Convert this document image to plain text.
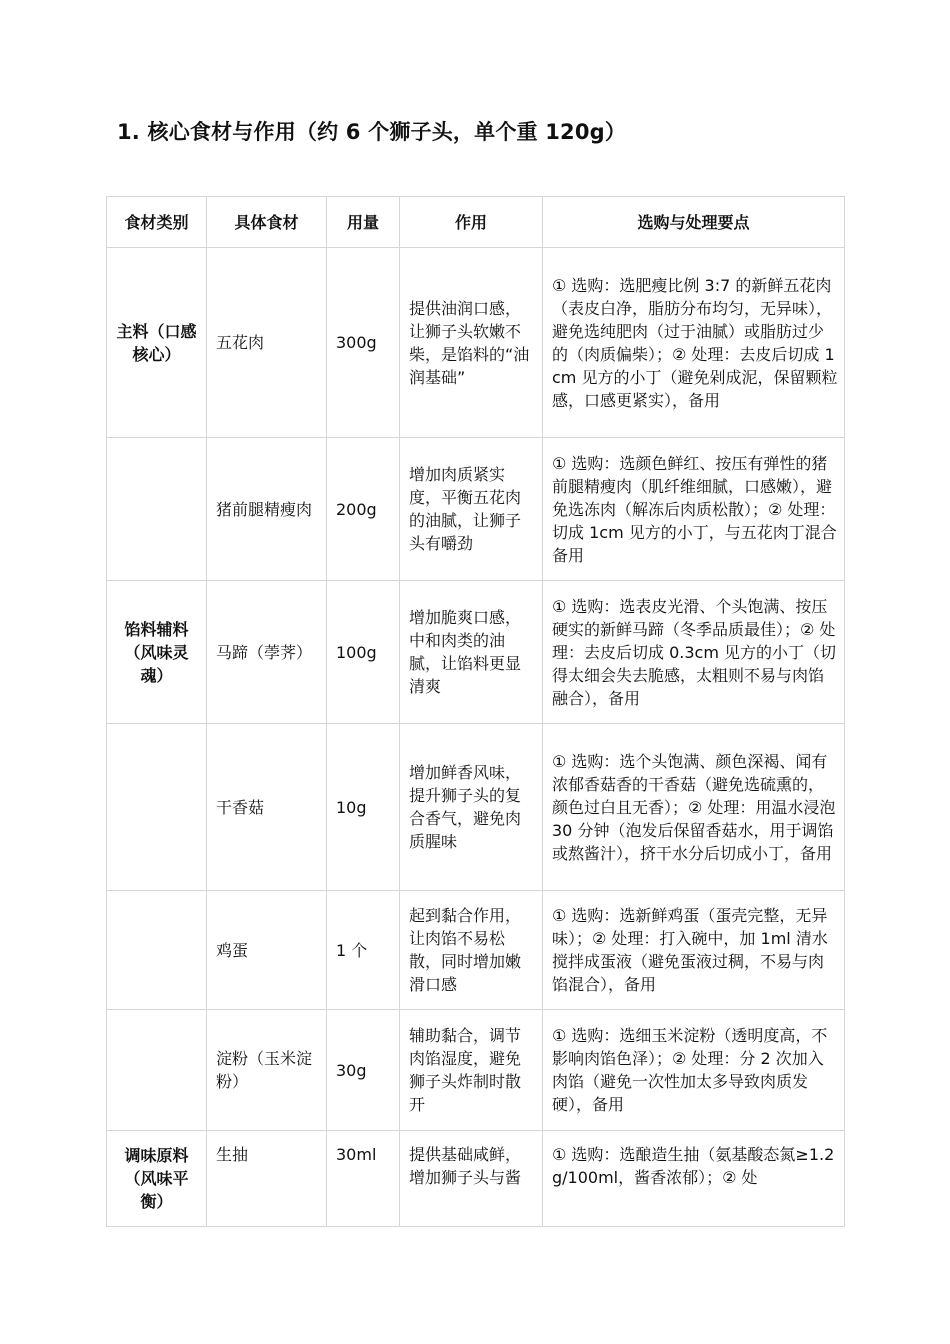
1. 核心食材与作用（约 6 个狮子头，单个重 120g）
食材类别	具体食材	用量	作用	选购与处理要点
主料（口感核心）	五花肉	300g	提供油润口感，让狮子头软嫩不柴，是馅料的“油润基础”	① 选购：选肥瘦比例 3:7 的新鲜五花肉（表皮白净，脂肪分布均匀，无异味），避免选纯肥肉（过于油腻）或脂肪过少的（肉质偏柴）；② 处理：去皮后切成 1cm 见方的小丁（避免剁成泥，保留颗粒感，口感更紧实），备用
	猪前腿精瘦肉	200g	增加肉质紧实度，平衡五花肉的油腻，让狮子头有嚼劲	① 选购：选颜色鲜红、按压有弹性的猪前腿精瘦肉（肌纤维细腻，口感嫩），避免选冻肉（解冻后肉质松散）；② 处理：切成 1cm 见方的小丁，与五花肉丁混合备用
馅料辅料（风味灵魂）	马蹄（荸荠）	100g	增加脆爽口感，中和肉类的油腻，让馅料更显清爽	① 选购：选表皮光滑、个头饱满、按压硬实的新鲜马蹄（冬季品质最佳）；② 处理：去皮后切成 0.3cm 见方的小丁（切得太细会失去脆感，太粗则不易与肉馅融合），备用
	干香菇	10g	增加鲜香风味，提升狮子头的复合香气，避免肉质腥味	① 选购：选个头饱满、颜色深褐、闻有浓郁香菇香的干香菇（避免选硫熏的，颜色过白且无香）；② 处理：用温水浸泡 30 分钟（泡发后保留香菇水，用于调馅或熬酱汁），挤干水分后切成小丁，备用
	鸡蛋	1 个	起到黏合作用，让肉馅不易松散，同时增加嫩滑口感	① 选购：选新鲜鸡蛋（蛋壳完整，无异味）；② 处理：打入碗中，加 1ml 清水搅拌成蛋液（避免蛋液过稠，不易与肉馅混合），备用
	淀粉（玉米淀粉）	30g	辅助黏合，调节肉馅湿度，避免狮子头炸制时散开	① 选购：选细玉米淀粉（透明度高，不影响肉馅色泽）；② 处理：分 2 次加入肉馅（避免一次性加太多导致肉质发硬），备用
调味原料（风味平衡）	生抽	30ml	提供基础咸鲜，增加狮子头与酱	① 选购：选酿造生抽（氨基酸态氮≥1.2g/100ml，酱香浓郁）；② 处
